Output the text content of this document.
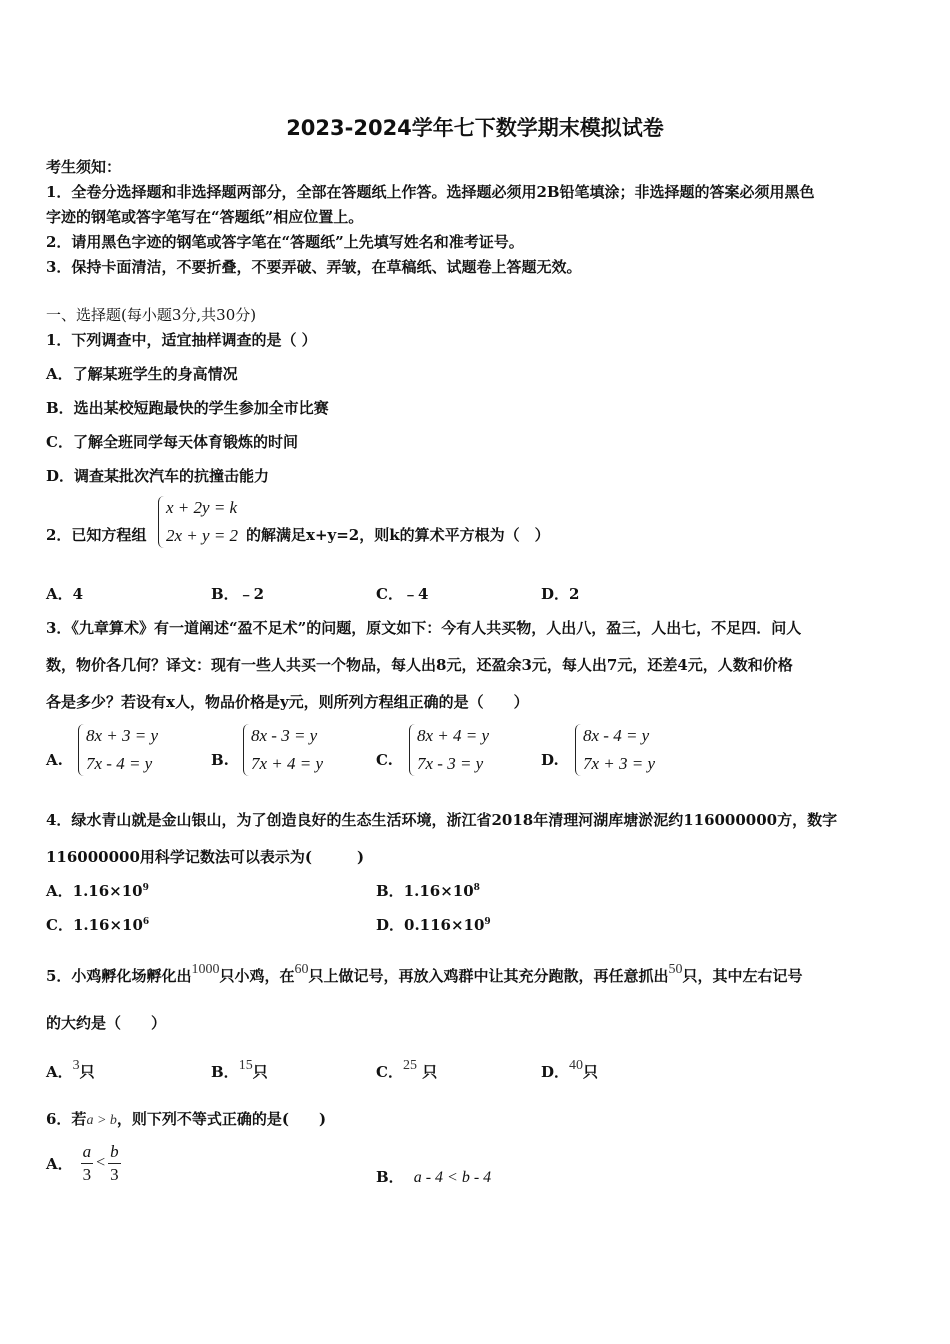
2023-2024学年七下数学期末模拟试卷
考生须知：
1．全卷分选择题和非选择题两部分，全部在答题纸上作答。选择题必须用2B铅笔填涂；非选择题的答案必须用黑色
字迹的钢笔或答字笔写在“答题纸”相应位置上。
2．请用黑色字迹的钢笔或答字笔在“答题纸”上先填写姓名和准考证号。
3．保持卡面清洁，不要折叠，不要弄破、弄皱，在草稿纸、试题卷上答题无效。
一、选择题(每小题3分,共30分)
1．下列调查中，适宜抽样调查的是（ ）
A．了解某班学生的身高情况
B．选出某校短跑最快的学生参加全市比赛
C．了解全班同学每天体育锻炼的时间
D．调查某批次汽车的抗撞击能力
2．已知方程组
x + 2y = k
2x + y = 2 的解满足x+y=2，则k的算术平方根为（　）
A．4	B．﹣2	C．﹣4	D．2
3．《九章算术》有一道阐述“盈不足术”的问题，原文如下：今有人共买物，人出八，盈三，人出七，不足四．问人
数，物价各几何？译文：现有一些人共买一个物品，每人出8元，还盈余3元，每人出7元，还差4元，人数和价格
各是多少？若设有x人，物品价格是y元，则所列方程组正确的是（　　）
A.
8x + 3 = y
7x - 4 = y	B.
8x - 3 = y
7x + 4 = y	C.
8x + 4 = y
7x - 3 = y	D.
8x - 4 = y
7x + 3 = y
4．绿水青山就是金山银山，为了创造良好的生态生活环境，浙江省2018年清理河湖库塘淤泥约116000000方，数字
116000000用科学记数法可以表示为(　　　)
A．$1.16\times 10^9$	B．$1.16\times 10^8$
C．$1.16\times 10^6$	D．$0.116\times 10^9$
5．小鸡孵化场孵化出1000只小鸡，在60只上做记号，再放入鸡群中让其充分跑散，再任意抓出50只，其中左右记号
的大约是（　　）
A．3只	B．15只	C．25 只	D．40只
6．若a > b，则下列不等式正确的是(　　)
A． $\frac{a}{3} < \frac{b}{3}$	B． a - 4 < b - 4
